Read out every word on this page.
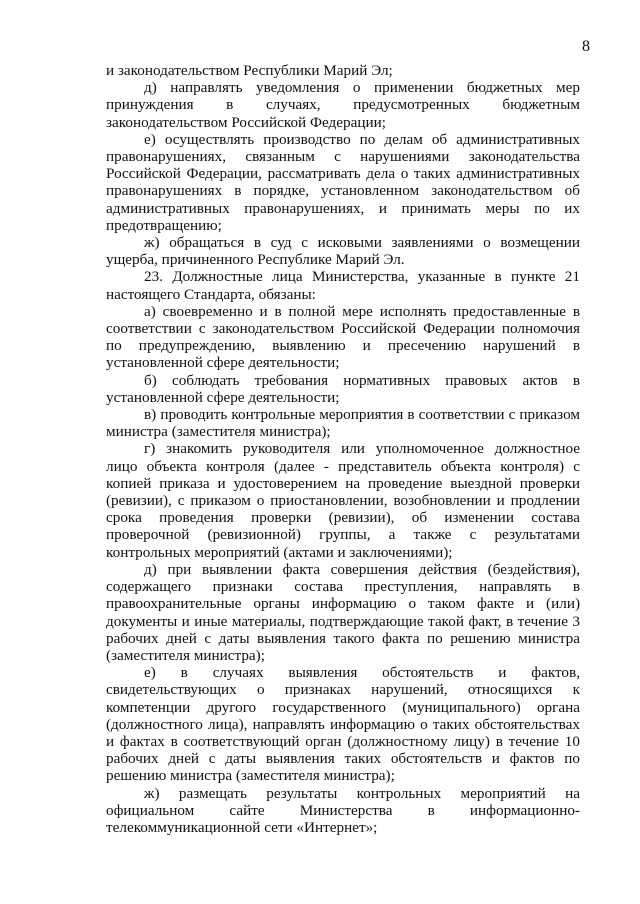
8

и законодательством Республики Марий Эл;

д) направлять уведомления о применении бюджетных мер принуждения в случаях, предусмотренных бюджетным законодательством Российской Федерации;

е) осуществлять производство по делам об административных правонарушениях, связанным с нарушениями законодательства Российской Федерации, рассматривать дела о таких административных правонарушениях в порядке, установленном законодательством об административных правонарушениях, и принимать меры по их предотвращению;

ж) обращаться в суд с исковыми заявлениями о возмещении ущерба, причиненного Республике Марий Эл.

23. Должностные лица Министерства, указанные в пункте 21 настоящего Стандарта, обязаны:

а) своевременно и в полной мере исполнять предоставленные в соответствии с законодательством Российской Федерации полномочия по предупреждению, выявлению и пресечению нарушений в установленной сфере деятельности;

б) соблюдать требования нормативных правовых актов в установленной сфере деятельности;

в) проводить контрольные мероприятия в соответствии с приказом министра (заместителя министра);

г) знакомить руководителя или уполномоченное должностное лицо объекта контроля (далее - представитель объекта контроля) с копией приказа и удостоверением на проведение выездной проверки (ревизии), с приказом о приостановлении, возобновлении и продлении срока проведения проверки (ревизии), об изменении состава проверочной (ревизионной) группы, а также с результатами контрольных мероприятий (актами и заключениями);

д) при выявлении факта совершения действия (бездействия), содержащего признаки состава преступления, направлять в правоохранительные органы информацию о таком факте и (или) документы и иные материалы, подтверждающие такой факт, в течение 3 рабочих дней с даты выявления такого факта по решению министра (заместителя министра);

е) в случаях выявления обстоятельств и фактов, свидетельствующих о признаках нарушений, относящихся к компетенции другого государственного (муниципального) органа (должностного лица), направлять информацию о таких обстоятельствах и фактах в соответствующий орган (должностному лицу) в течение 10 рабочих дней с даты выявления таких обстоятельств и фактов по решению министра (заместителя министра);

ж) размещать результаты контрольных мероприятий на официальном сайте Министерства в информационно-телекоммуникационной сети «Интернет»;
